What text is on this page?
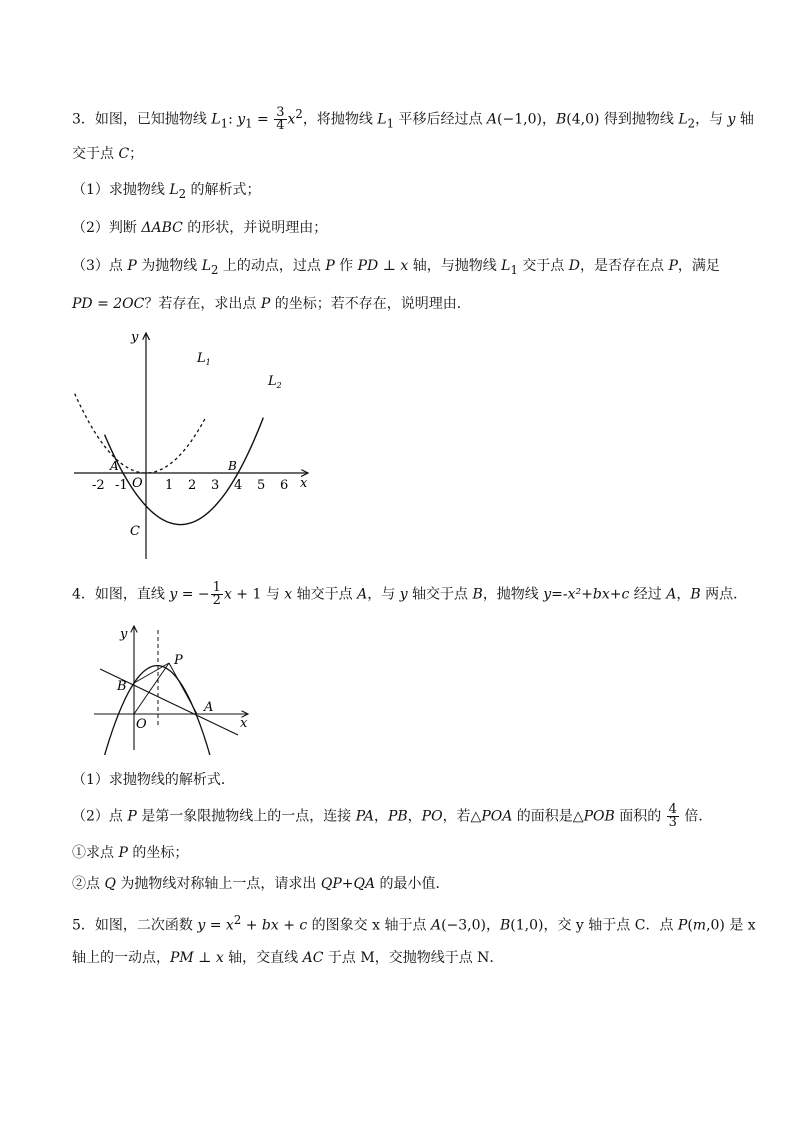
3．如图，已知抛物线 $L_1$: $y_1 = \frac{3}{4} x^2$，将抛物线 $L_1$ 平移后经过点 A(−1,0)，B(4,0) 得到抛物线 $L_2$，与 y 轴
交于点 C；
（1）求抛物线 $L_2$ 的解析式；
（2）判断 ΔABC 的形状，并说明理由；
（3）点 P 为抛物线 $L_2$ 上的动点，过点 P 作 PD ⊥ x 轴，与抛物线 $L_1$ 交于点 D，是否存在点 P，满足
PD = 2OC？若存在，求出点 P 的坐标；若不存在，说明理由．
y
x
$L_1$
$L_2$
A	B
C
O
-2 -1	1 2 3 4 5 6
4．如图，直线 y = − $\frac{1}{2}$ x + 1 与 x 轴交于点 A，与 y 轴交于点 B，抛物线 y=-x²+bx+c 经过 A，B 两点．
y
x
P
B
A
O
（1）求抛物线的解析式．
（2）点 P 是第一象限抛物线上的一点，连接 PA，PB，PO，若△POA 的面积是△POB 面积的 $\frac{4}{3}$ 倍．
①求点 P 的坐标；
②点 Q 为抛物线对称轴上一点，请求出 QP+QA 的最小值．
5．如图，二次函数 $y = x^2$ + bx + c 的图象交 x 轴于点 A(−3,0)，B(1,0)，交 y 轴于点 C．点 P(m,0) 是 x
轴上的一动点，PM ⊥ x 轴，交直线 AC 于点 M，交抛物线于点 N．
